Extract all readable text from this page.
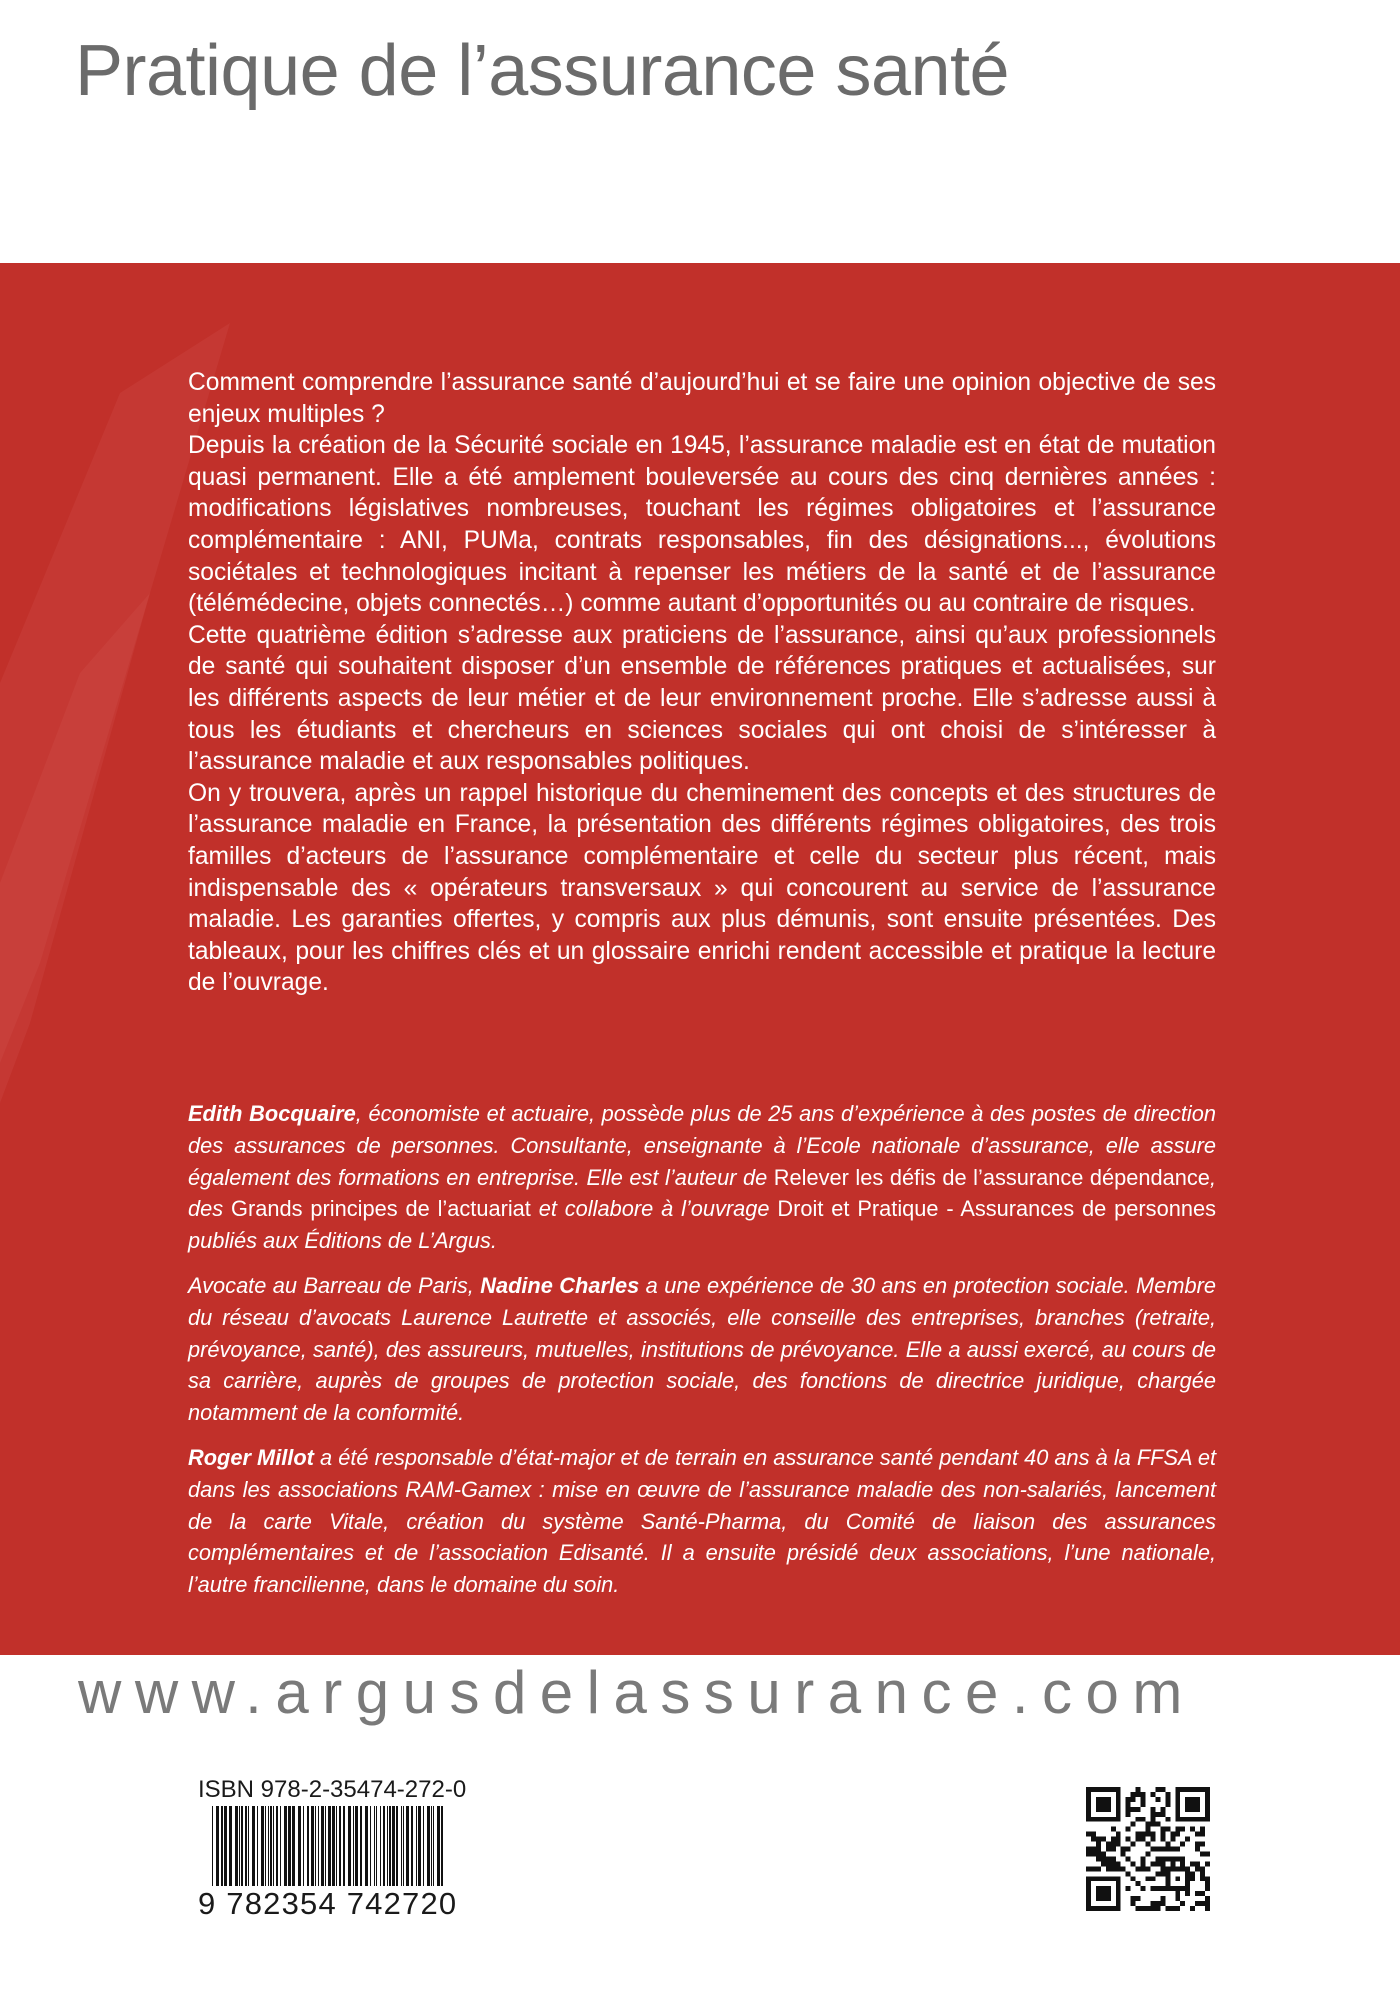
Pratique de l’assurance santé

Comment comprendre l’assurance santé d’aujourd’hui et se faire une opinion objective de ses enjeux multiples ?

Depuis la création de la Sécurité sociale en 1945, l’assurance maladie est en état de mutation quasi permanent. Elle a été amplement bouleversée au cours des cinq dernières années : modifications législatives nombreuses, touchant les régimes obligatoires et l’assurance complémentaire : ANI, PUMa, contrats responsables, fin des désignations..., évolutions sociétales et technologiques incitant à repenser les métiers de la santé et de l’assurance (télémédecine, objets connectés…) comme autant d’opportunités ou au contraire de risques.

Cette quatrième édition s’adresse aux praticiens de l’assurance, ainsi qu’aux professionnels de santé qui souhaitent disposer d’un ensemble de références pratiques et actualisées, sur les différents aspects de leur métier et de leur environnement proche. Elle s’adresse aussi à tous les étudiants et chercheurs en sciences sociales qui ont choisi de s’intéresser à l’assurance maladie et aux responsables politiques.

On y trouvera, après un rappel historique du cheminement des concepts et des structures de l’assurance maladie en France, la présentation des différents régimes obligatoires, des trois familles d’acteurs de l’assurance complémentaire et celle du secteur plus récent, mais indispensable des « opérateurs transversaux » qui concourent au service de l’assurance maladie. Les garanties offertes, y compris aux plus démunis, sont ensuite présentées. Des tableaux, pour les chiffres clés et un glossaire enrichi rendent accessible et pratique la lecture de l’ouvrage.

Edith Bocquaire, économiste et actuaire, possède plus de 25 ans d’expérience à des postes de direction des assurances de personnes. Consultante, enseignante à l’Ecole nationale d’assurance, elle assure également des formations en entreprise. Elle est l’auteur de Relever les défis de l’assurance dépendance, des Grands principes de l’actuariat et collabore à l’ouvrage Droit et Pratique - Assurances de personnes publiés aux Éditions de L’Argus.

Avocate au Barreau de Paris, Nadine Charles a une expérience de 30 ans en protection sociale. Membre du réseau d’avocats Laurence Lautrette et associés, elle conseille des entreprises, branches (retraite, prévoyance, santé), des assureurs, mutuelles, institutions de prévoyance. Elle a aussi exercé, au cours de sa carrière, auprès de groupes de protection sociale, des fonctions de directrice juridique, chargée notamment de la conformité.

Roger Millot a été responsable d’état-major et de terrain en assurance santé pendant 40 ans à la FFSA et dans les associations RAM-Gamex : mise en œuvre de l’assurance maladie des non-salariés, lancement de la carte Vitale, création du système Santé-Pharma, du Comité de liaison des assurances complémentaires et de l’association Edisanté. Il a ensuite présidé deux associations, l’une nationale, l’autre francilienne, dans le domaine du soin.

www.argusdelassurance.com
ISBN 978-2-35474-272-0
9 782354 742720
